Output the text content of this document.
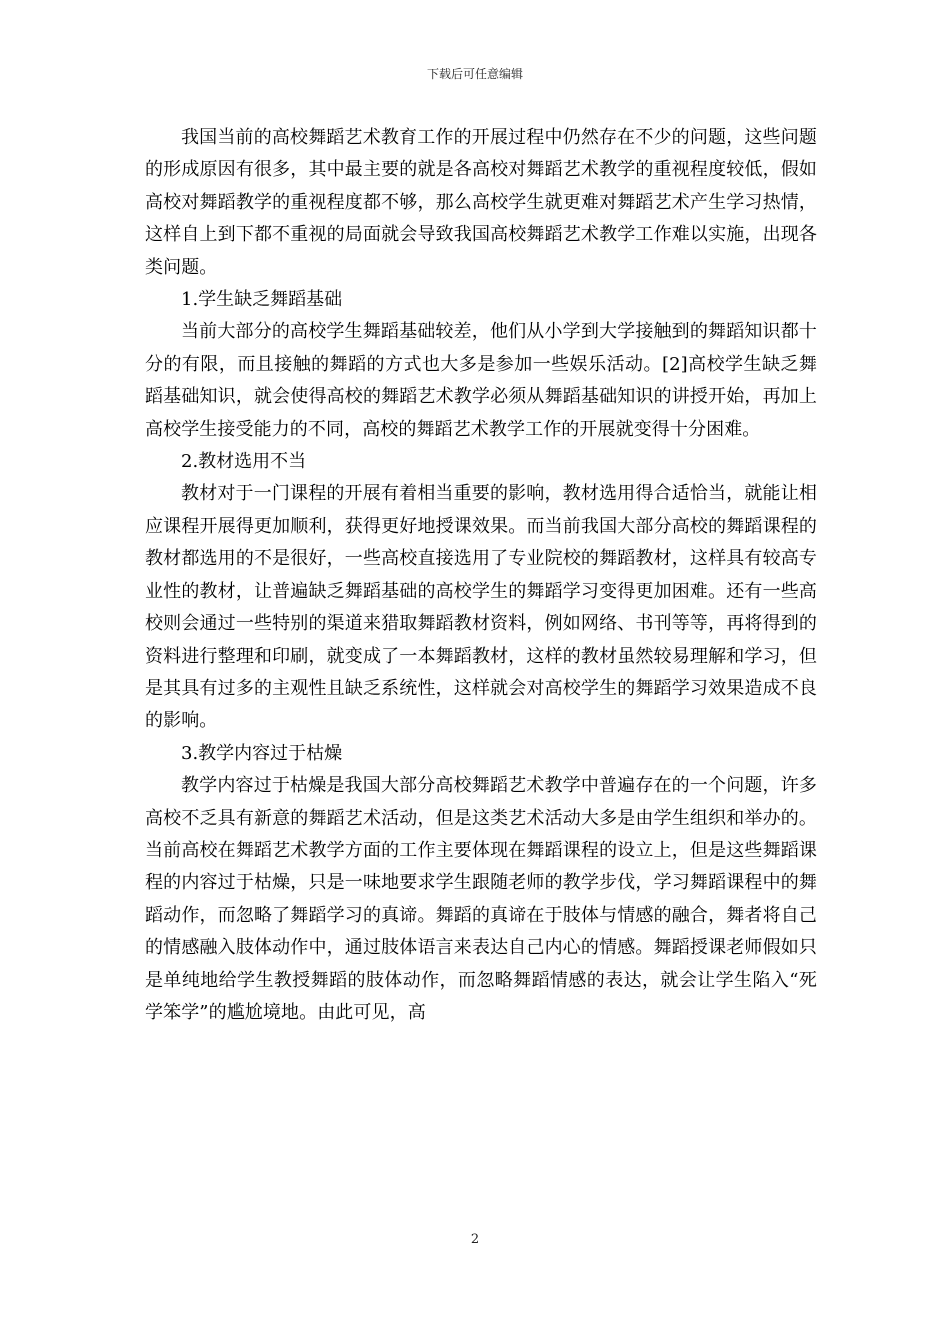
下载后可任意编辑

我国当前的高校舞蹈艺术教育工作的开展过程中仍然存在不少的问题，这些问题的形成原因有很多，其中最主要的就是各高校对舞蹈艺术教学的重视程度较低，假如高校对舞蹈教学的重视程度都不够，那么高校学生就更难对舞蹈艺术产生学习热情，这样自上到下都不重视的局面就会导致我国高校舞蹈艺术教学工作难以实施，出现各类问题。

1.学生缺乏舞蹈基础

当前大部分的高校学生舞蹈基础较差，他们从小学到大学接触到的舞蹈知识都十分的有限，而且接触的舞蹈的方式也大多是参加一些娱乐活动。[2]高校学生缺乏舞蹈基础知识，就会使得高校的舞蹈艺术教学必须从舞蹈基础知识的讲授开始，再加上高校学生接受能力的不同，高校的舞蹈艺术教学工作的开展就变得十分困难。

2.教材选用不当

教材对于一门课程的开展有着相当重要的影响，教材选用得合适恰当，就能让相应课程开展得更加顺利，获得更好地授课效果。而当前我国大部分高校的舞蹈课程的教材都选用的不是很好，一些高校直接选用了专业院校的舞蹈教材，这样具有较高专业性的教材，让普遍缺乏舞蹈基础的高校学生的舞蹈学习变得更加困难。还有一些高校则会通过一些特别的渠道来猎取舞蹈教材资料，例如网络、书刊等等，再将得到的资料进行整理和印刷，就变成了一本舞蹈教材，这样的教材虽然较易理解和学习，但是其具有过多的主观性且缺乏系统性，这样就会对高校学生的舞蹈学习效果造成不良的影响。

3.教学内容过于枯燥

教学内容过于枯燥是我国大部分高校舞蹈艺术教学中普遍存在的一个问题，许多高校不乏具有新意的舞蹈艺术活动，但是这类艺术活动大多是由学生组织和举办的。当前高校在舞蹈艺术教学方面的工作主要体现在舞蹈课程的设立上，但是这些舞蹈课程的内容过于枯燥，只是一味地要求学生跟随老师的教学步伐，学习舞蹈课程中的舞蹈动作，而忽略了舞蹈学习的真谛。舞蹈的真谛在于肢体与情感的融合，舞者将自己的情感融入肢体动作中，通过肢体语言来表达自己内心的情感。舞蹈授课老师假如只是单纯地给学生教授舞蹈的肢体动作，而忽略舞蹈情感的表达，就会让学生陷入“死学笨学”的尴尬境地。由此可见，高

2
